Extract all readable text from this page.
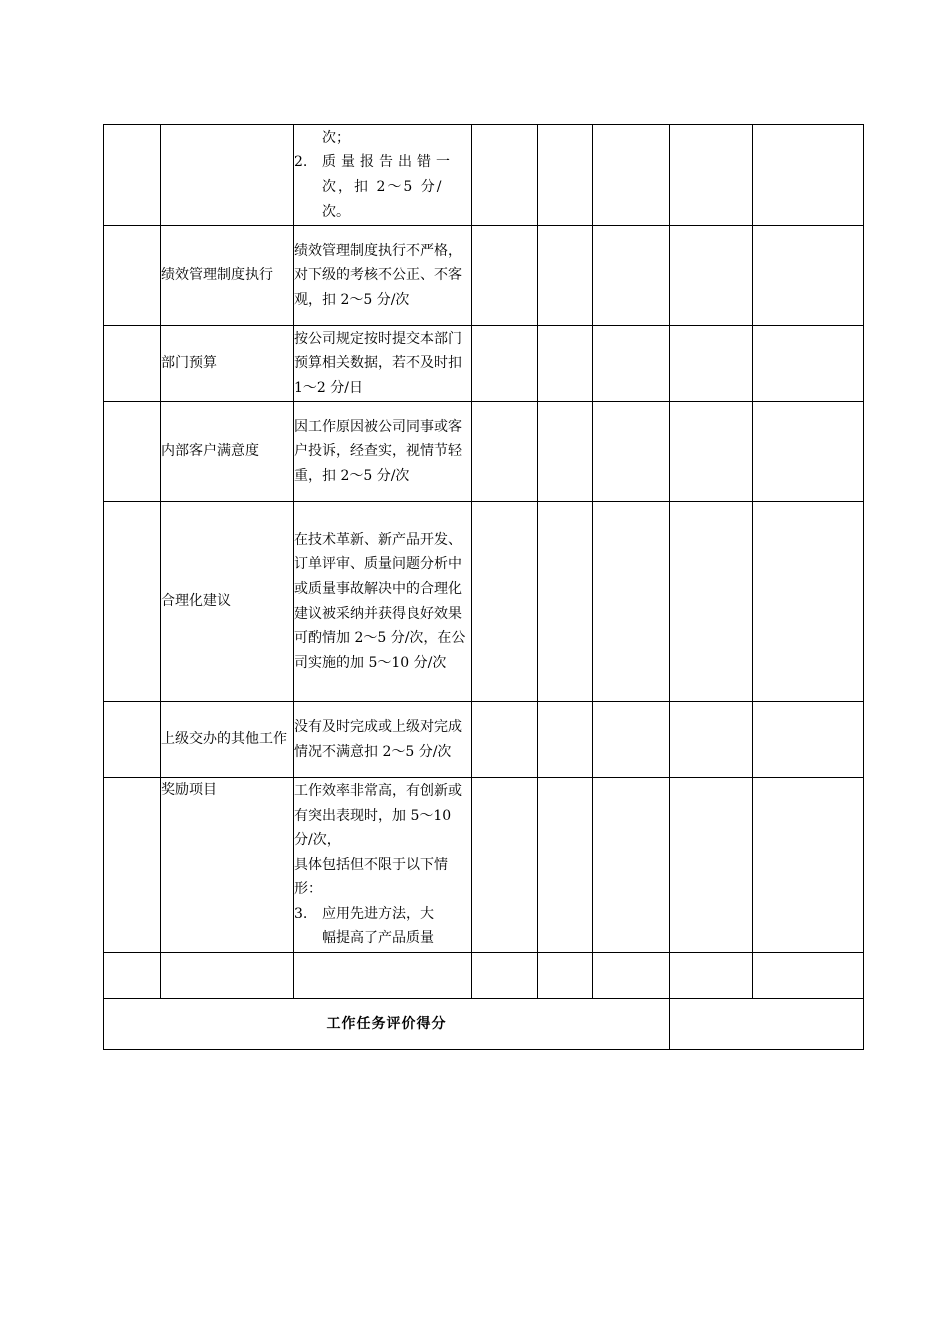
		次；
2. 质量报告出错一
次，扣 2～5 分/
次。					

	绩效管理制度执行	绩效管理制度执行不严格，对下级的考核不公正、不客观，扣 2～5 分/次					
	部门预算	按公司规定按时提交本部门预算相关数据，若不及时扣 1～2 分/日					
	内部客户满意度	因工作原因被公司同事或客户投诉，经查实，视情节轻重，扣 2～5 分/次					
	合理化建议	在技术革新、新产品开发、订单评审、质量问题分析中或质量事故解决中的合理化建议被采纳并获得良好效果可酌情加 2～5 分/次，在公司实施的加 5～10 分/次					
	上级交办的其他工作	没有及时完成或上级对完成情况不满意扣 2～5 分/次					
	奖励项目	工作效率非常高，有创新或有突出表现时，加 5～10 分/次，
具体包括但不限于以下情形：
3. 应用先进方法，大
幅提高了产品质量					

工作任务评价得分							
